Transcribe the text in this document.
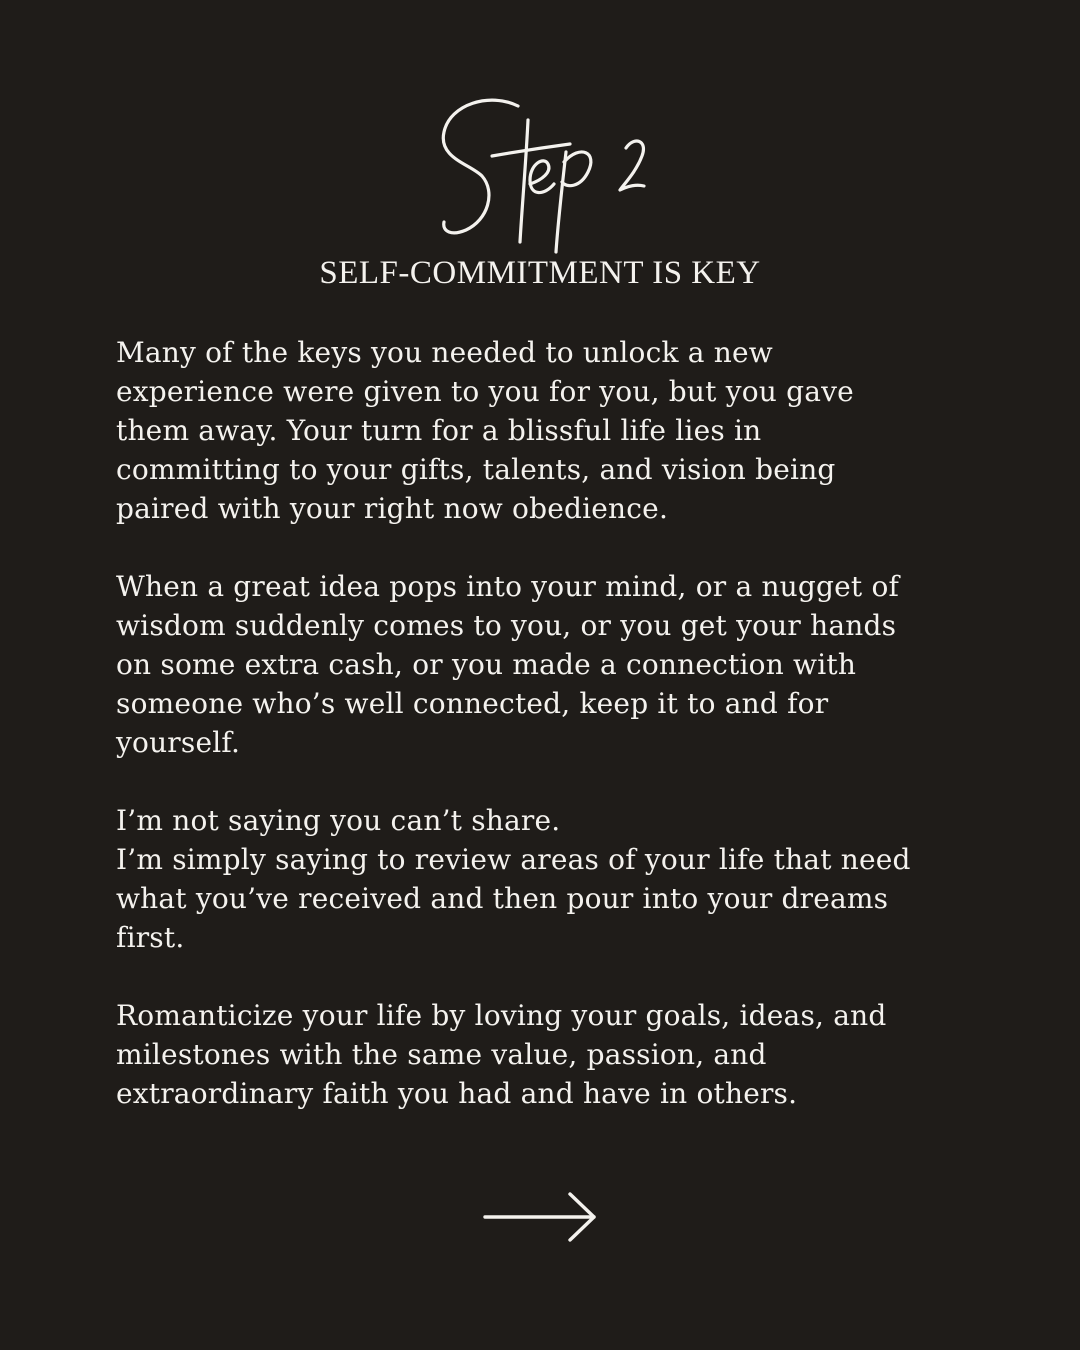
SELF-COMMITMENT IS KEY

Many of the keys you needed to unlock a new
experience were given to you for you, but you gave
them away. Your turn for a blissful life lies in
committing to your gifts, talents, and vision being
paired with your right now obedience.

When a great idea pops into your mind, or a nugget of
wisdom suddenly comes to you, or you get your hands
on some extra cash, or you made a connection with
someone who’s well connected, keep it to and for
yourself.

I’m not saying you can’t share.
I’m simply saying to review areas of your life that need
what you’ve received and then pour into your dreams
first.

Romanticize your life by loving your goals, ideas, and
milestones with the same value, passion, and
extraordinary faith you had and have in others.
